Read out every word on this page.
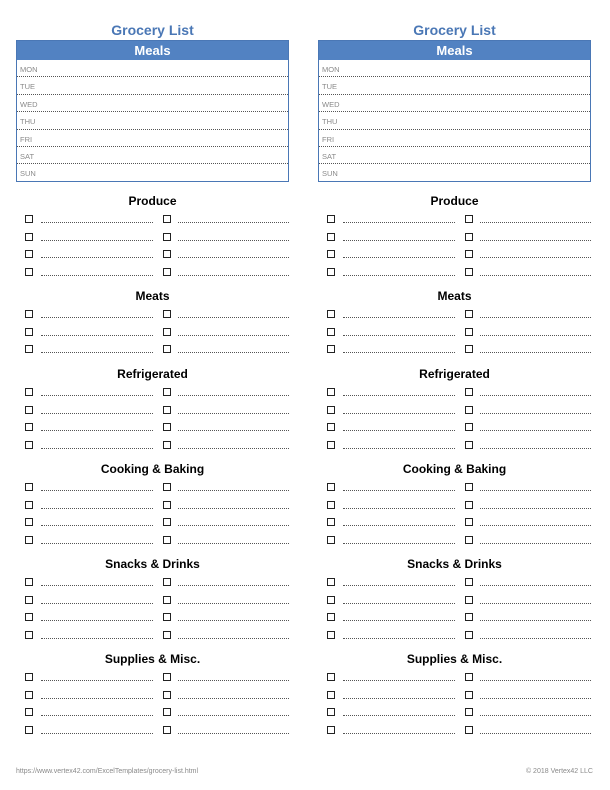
Grocery List
Meals
MON
TUE
WED
THU
FRI
SAT
SUN
Produce
Meats
Refrigerated
Cooking & Baking
Snacks & Drinks
Supplies & Misc.
Grocery List
Meals
MON
TUE
WED
THU
FRI
SAT
SUN
Produce
Meats
Refrigerated
Cooking & Baking
Snacks & Drinks
Supplies & Misc.
https://www.vertex42.com/ExcelTemplates/grocery-list.html	© 2018 Vertex42 LLC
